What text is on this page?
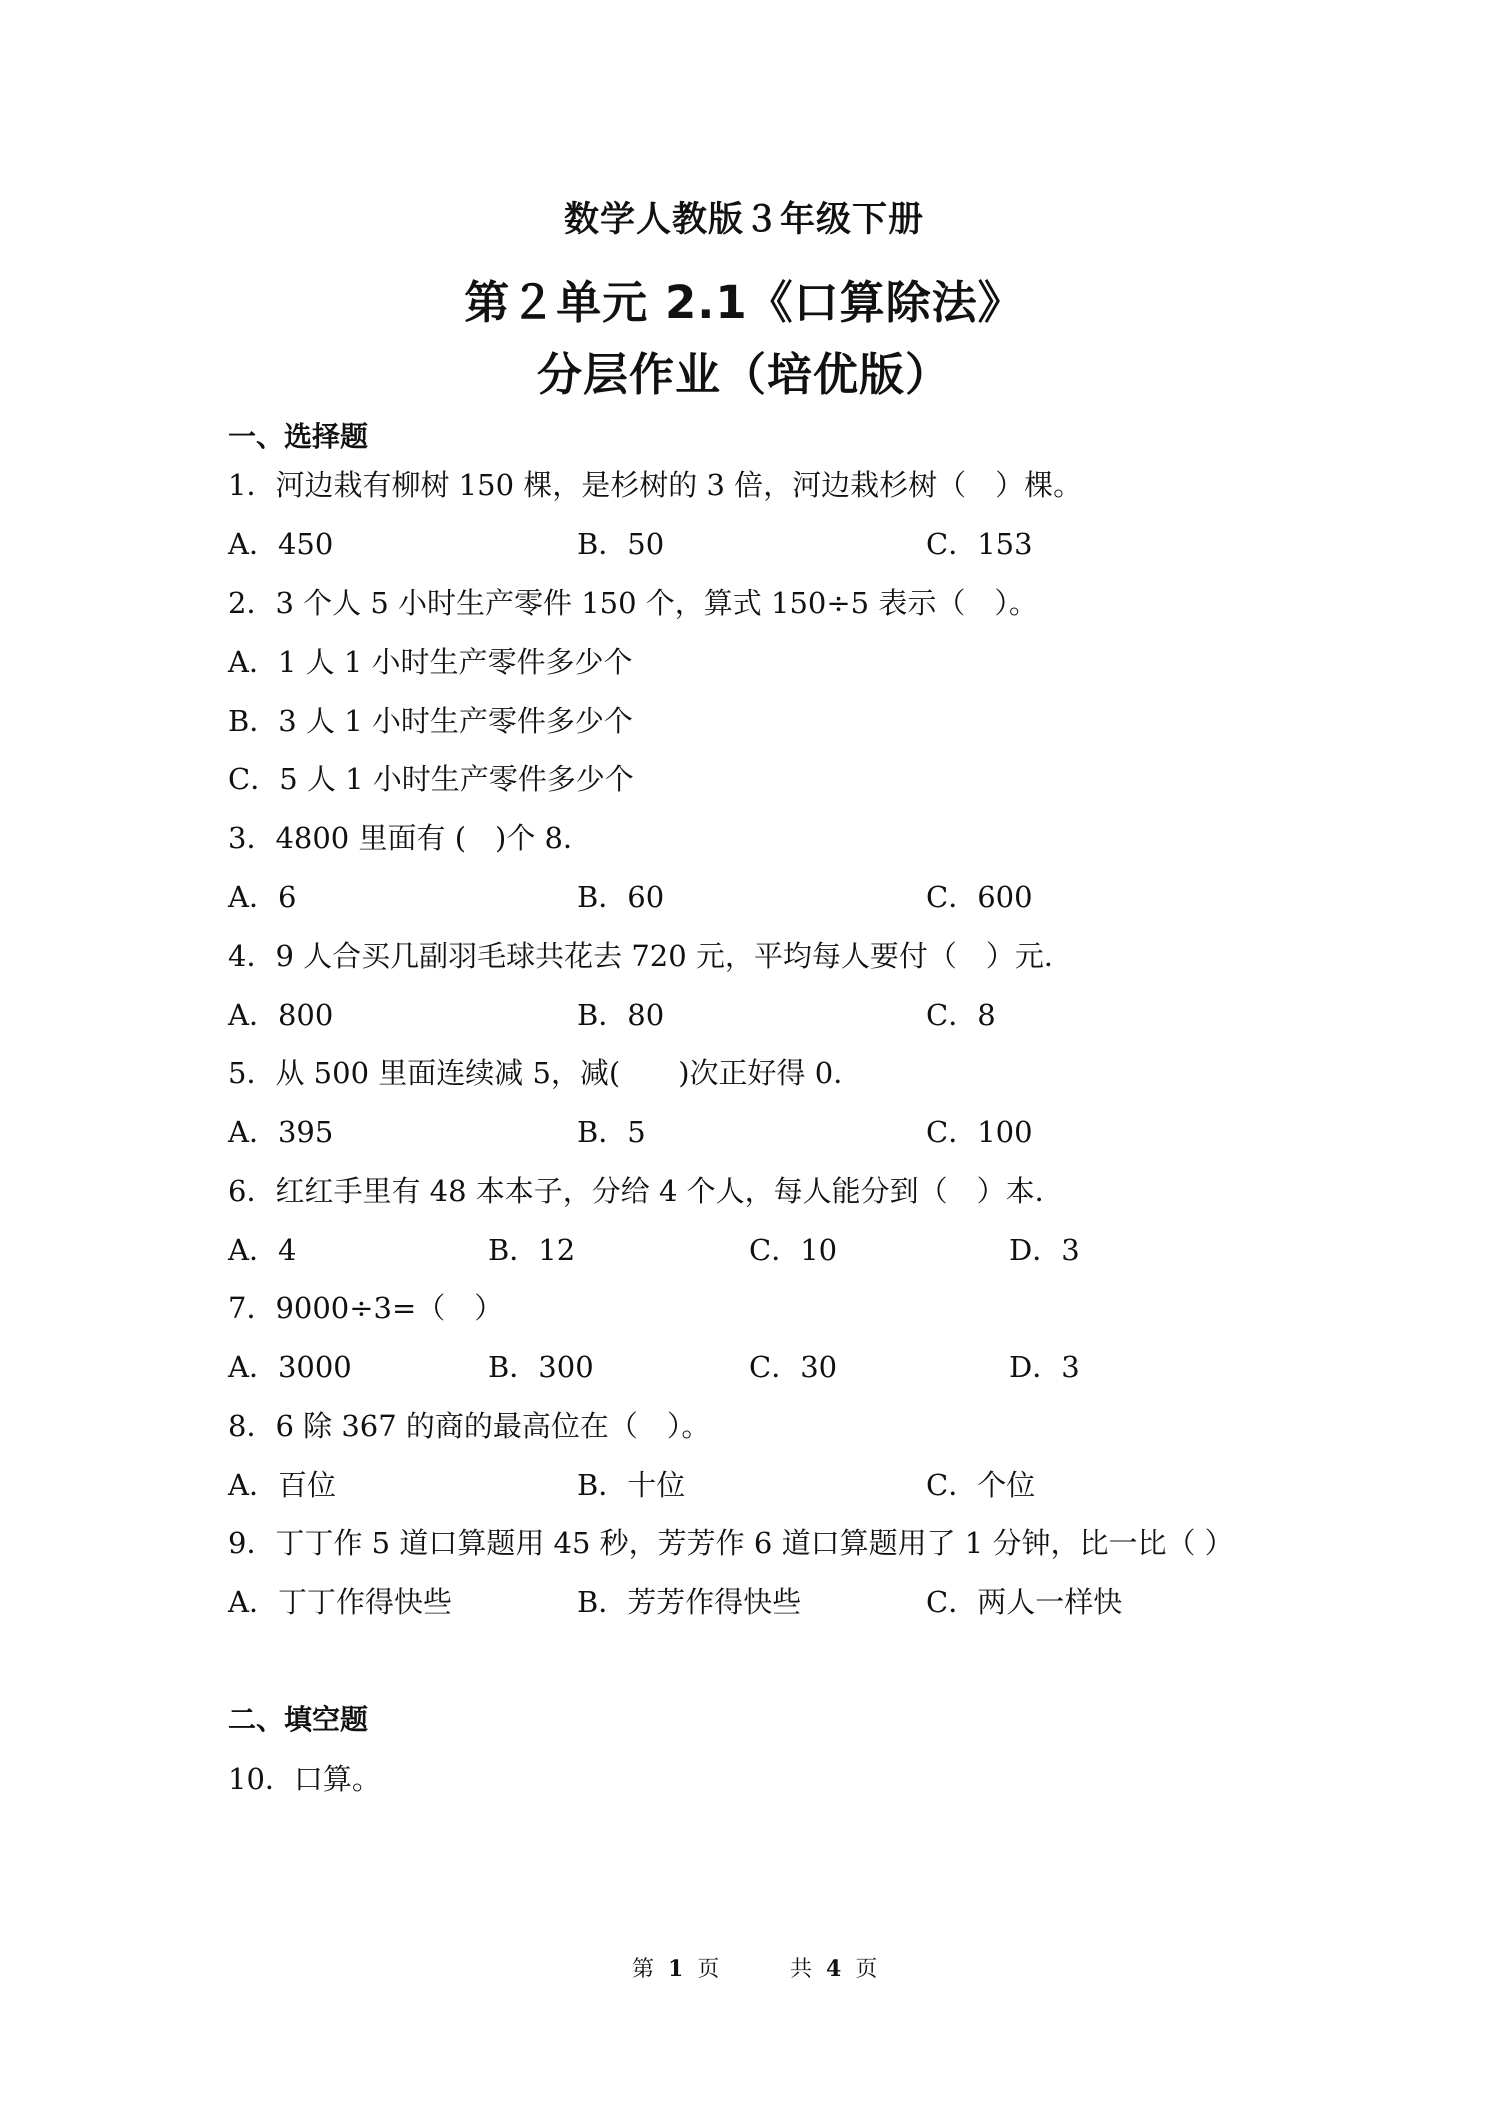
数学人教版３年级下册
第２单元 2.1《口算除法》
分层作业（培优版）
一、选择题
1．河边栽有柳树 150 棵，是杉树的 3 倍，河边栽杉树（　）棵。
A．450	B．50	C．153
2．3 个人 5 小时生产零件 150 个，算式 150÷5 表示（　）。
A．1 人 1 小时生产零件多少个
B．3 人 1 小时生产零件多少个
C．5 人 1 小时生产零件多少个
3．4800 里面有 (　)个 8．
A．6	B．60	C．600
4．9 人合买几副羽毛球共花去 720 元，平均每人要付（　）元．
A．800	B．80	C．8
5．从 500 里面连续减 5，减(　　)次正好得 0．
A．395	B．5	C．100
6．红红手里有 48 本本子，分给 4 个人，每人能分到（　）本．
A．4	B．12	C．10	D．3
7．9000÷3=（　）
A．3000	B．300	C．30	D．3
8．6 除 367 的商的最高位在（　）。
A．百位	B．十位	C．个位
9．丁丁作 5 道口算题用 45 秒，芳芳作 6 道口算题用了 1 分钟，比一比（ ）
A．丁丁作得快些	B．芳芳作得快些	C．两人一样快
二、填空题
10．口算。
第 1 页	共 4 页
